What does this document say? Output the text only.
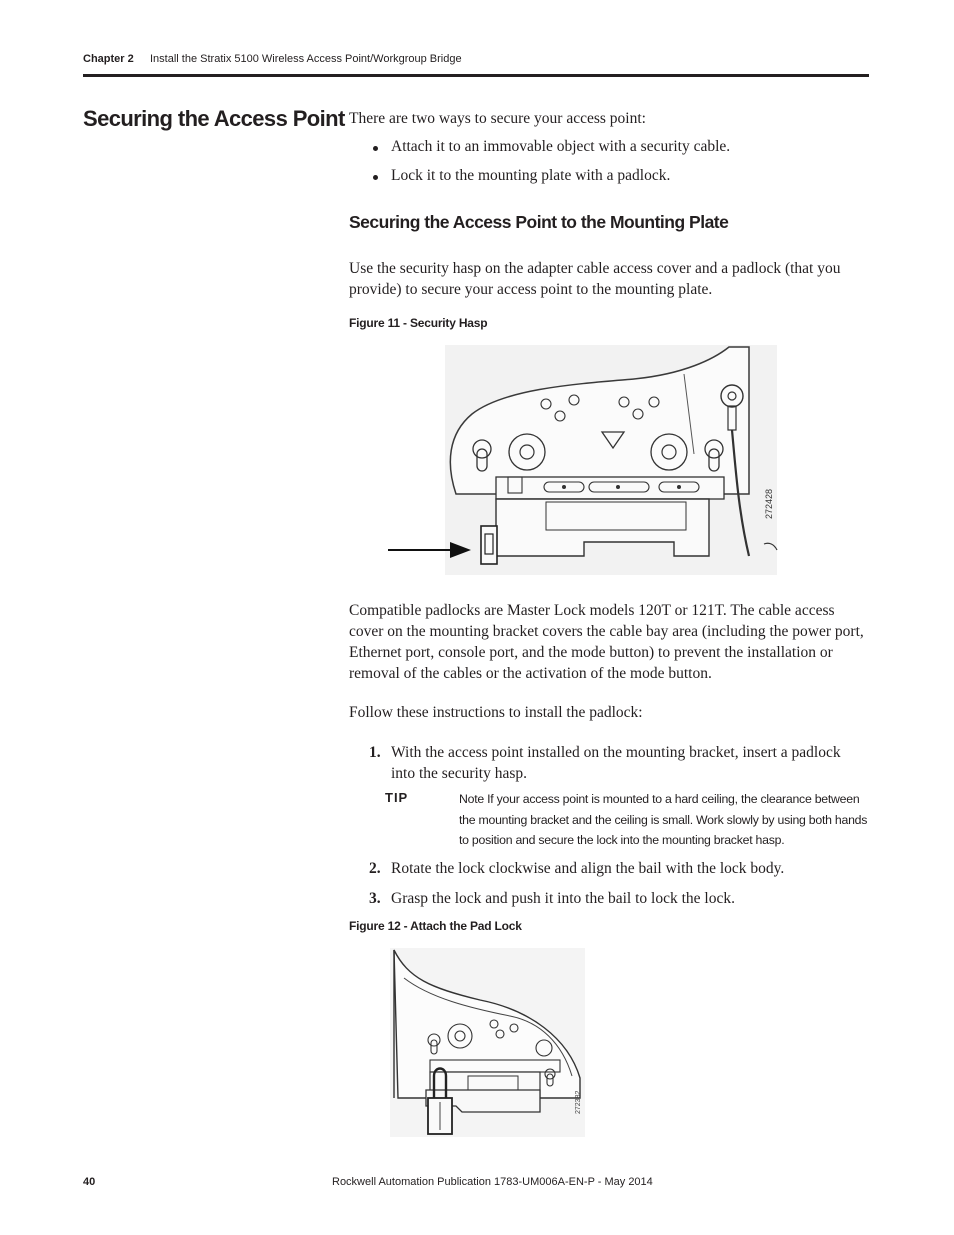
Chapter 2 Install the Stratix 5100 Wireless Access Point/Workgroup Bridge
Securing the Access Point There are two ways to secure your access point:

Attach it to an immovable object with a security cable.
Lock it to the mounting plate with a padlock.
Securing the Access Point to the Mounting Plate

Use the security hasp on the adapter cable access cover and a padlock (that you provide) to secure your access point to the mounting plate.

Figure 11 - Security Hasp
272428

Compatible padlocks are Master Lock models 120T or 121T. The cable access cover on the mounting bracket covers the cable bay area (including the power port, Ethernet port, console port, and the mode button) to prevent the installation or removal of the cables or the activation of the mode button.

Follow these instructions to install the padlock:

1. With the access point installed on the mounting bracket, insert a padlock into the security hasp.
TIP	Note If your access point is mounted to a hard ceiling, the clearance between the mounting bracket and the ceiling is small. Work slowly by using both hands to position and secure the lock into the mounting bracket hasp.
2. Rotate the lock clockwise and align the bail with the lock body.
3. Grasp the lock and push it into the bail to lock the lock.
Figure 12 - Attach the Pad Lock
272382
40	Rockwell Automation Publication 1783-UM006A-EN-P - May 2014
